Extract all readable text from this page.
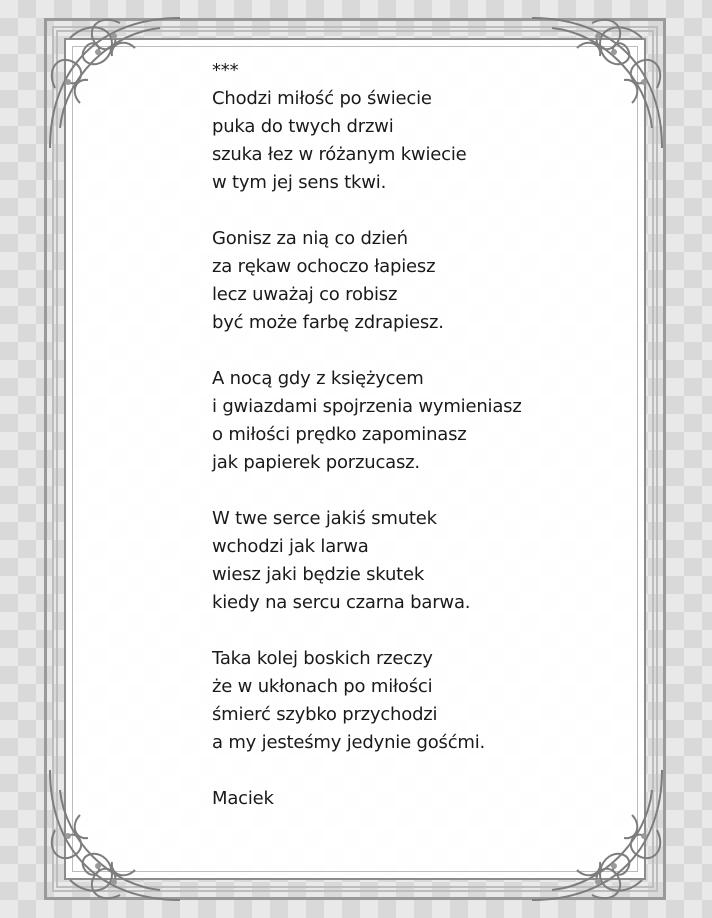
***
Chodzi miłość po świecie
puka do twych drzwi
szuka łez w różanym kwiecie
w tym jej sens tkwi.
Gonisz za nią co dzień
za rękaw ochoczo łapiesz
lecz uważaj co robisz
być może farbę zdrapiesz.
A nocą gdy z księżycem
i gwiazdami spojrzenia wymieniasz
o miłości prędko zapominasz
jak papierek porzucasz.
W twe serce jakiś smutek
wchodzi jak larwa
wiesz jaki będzie skutek
kiedy na sercu czarna barwa.
Taka kolej boskich rzeczy
że w ukłonach po miłości
śmierć szybko przychodzi
a my jesteśmy jedynie gośćmi.
Maciek
